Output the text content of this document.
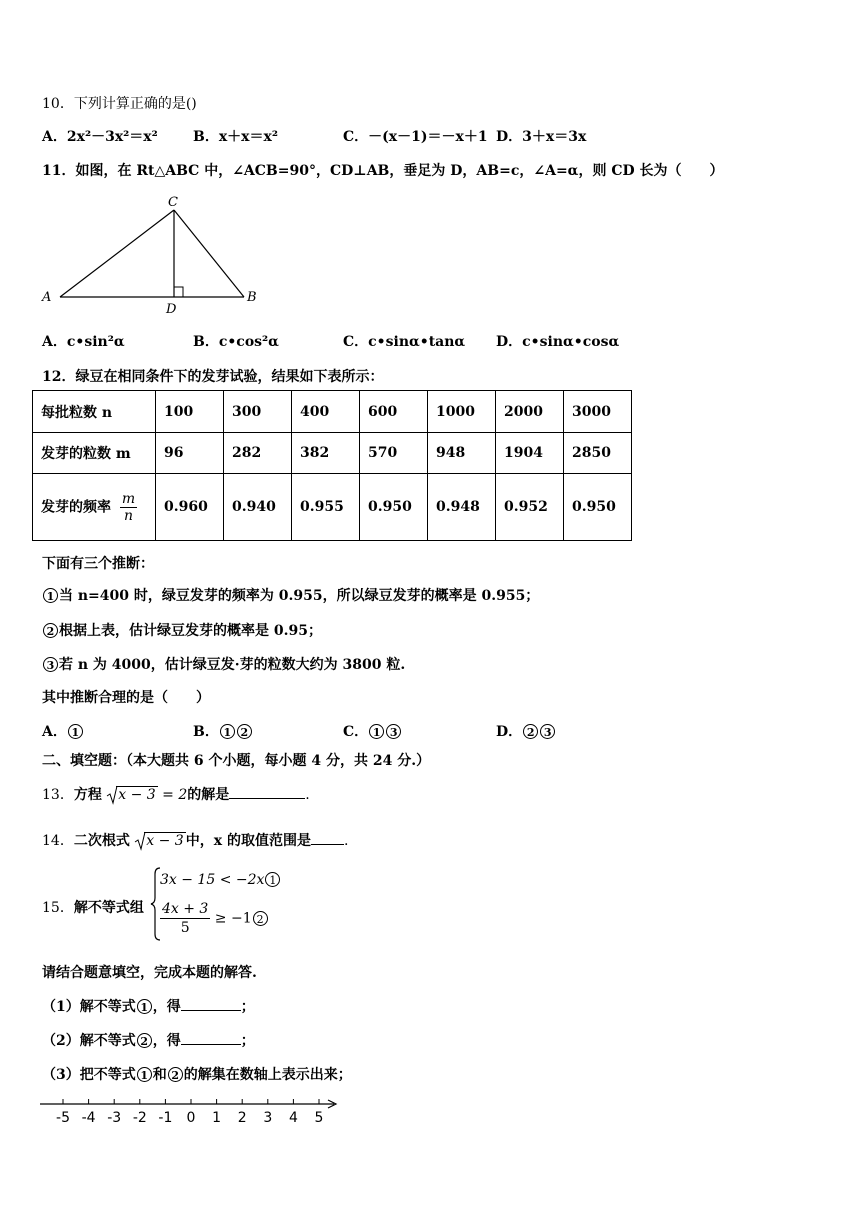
10．下列计算正确的是()
A．2x²－3x²＝x²	B．x＋x＝x²	C．－(x－1)＝－x＋1 D．3＋x＝3x
11．如图，在 Rt△ABC 中，∠ACB=90°，CD⊥AB，垂足为 D，AB=c，∠A=α，则 CD 长为（　　）
C
A	B
D
A．c•sin²α	B．c•cos²α	C．c•sinα•tanα D．c•sinα•cosα
12．绿豆在相同条件下的发芽试验，结果如下表所示：
每批粒数 n	100	300	400	600	1000	2000	3000
发芽的粒数 m	96	282	382	570	948	1904	2850
发芽的频率 $\frac{m}{n}$	0.960	0.940	0.955	0.950	0.948	0.952	0.950
下面有三个推断：
1 当 n=400 时，绿豆发芽的频率为 0.955，所以绿豆发芽的概率是 0.955；
2 根据上表，估计绿豆发芽的概率是 0.95；
3 若 n 为 4000，估计绿豆发·芽的粒数大约为 3800 粒.
其中推断合理的是（　　）
A． 1	B． 1 2	C． 1 3	D． 2 3
二、填空题：（本大题共 6 个小题，每小题 4 分，共 24 分.）
13．方程 x − 3 = 2的解是	.
14．二次根式 x − 3 中，x 的取值范围是 .
15．解不等式组
3x − 15 < −2x 1
$\frac{4x + 3}{5} \ge -1$ 2
请结合题意填空，完成本题的解答.
（1）解不等式 1 ，得	；
（2）解不等式 2 ，得	；
（3）把不等式 1 和 2 的解集在数轴上表示出来；
-5 -4 -3 -2 -1 0 1 2 3 4 5
